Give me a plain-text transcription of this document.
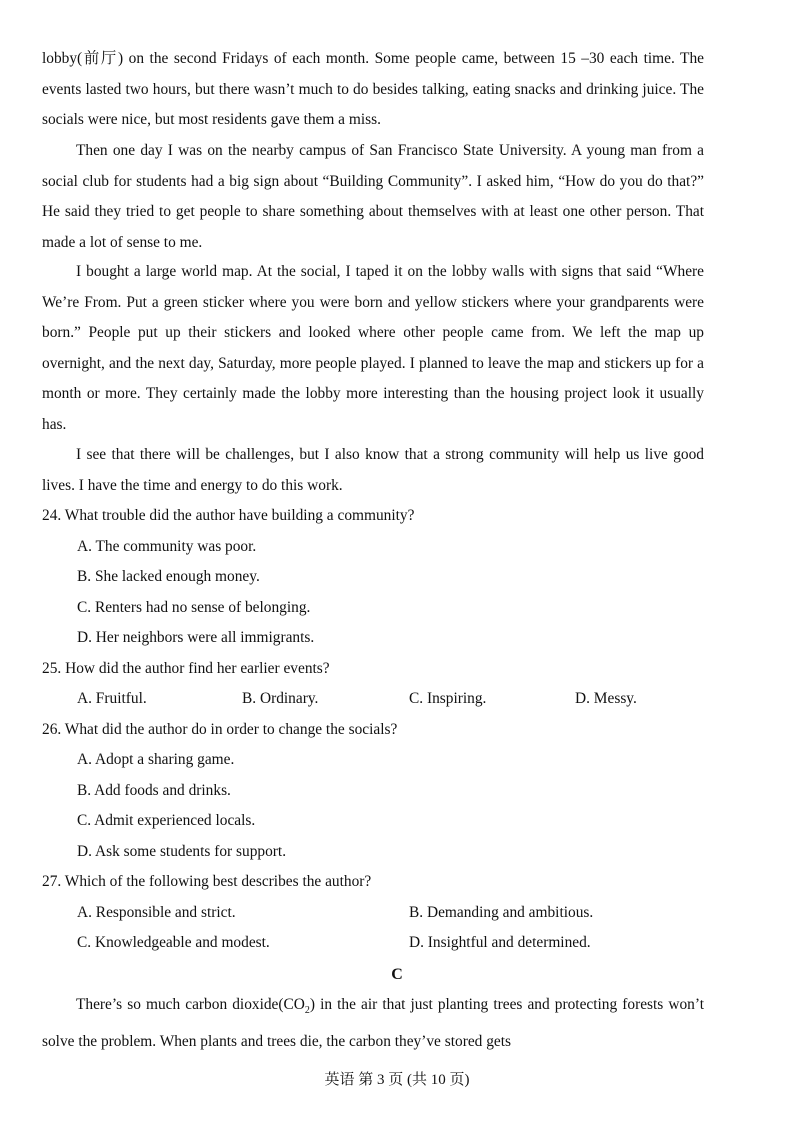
lobby(前厅) on the second Fridays of each month. Some people came, between 15 –30 each time. The events lasted two hours, but there wasn’t much to do besides talking, eating snacks and drinking juice. The socials were nice, but most residents gave them a miss.

Then one day I was on the nearby campus of San Francisco State University. A young man from a social club for students had a big sign about “Building Community”. I asked him, “How do you do that?” He said they tried to get people to share something about themselves with at least one other person. That made a lot of sense to me.

I bought a large world map. At the social, I taped it on the lobby walls with signs that said “Where We’re From. Put a green sticker where you were born and yellow stickers where your grandparents were born.” People put up their stickers and looked where other people came from. We left the map up overnight, and the next day, Saturday, more people played. I planned to leave the map and stickers up for a month or more. They certainly made the lobby more interesting than the housing project look it usually has.

I see that there will be challenges, but I also know that a strong community will help us live good lives. I have the time and energy to do this work.

24. What trouble did the author have building a community?

A. The community was poor.

B. She lacked enough money.

C. Renters had no sense of belonging.

D. Her neighbors were all immigrants.

25. How did the author find her earlier events?

A. Fruitful.	B. Ordinary.	C. Inspiring.	D. Messy.

26. What did the author do in order to change the socials?

A. Adopt a sharing game.

B. Add foods and drinks.

C. Admit experienced locals.

D. Ask some students for support.

27. Which of the following best describes the author?

A. Responsible and strict.	B. Demanding and ambitious.

C. Knowledgeable and modest.	D. Insightful and determined.

C

There’s so much carbon $dioxide(CO_2)$ in the air that just planting trees and protecting forests won’t solve the problem. When plants and trees die, the carbon they’ve stored gets

英语 第 3 页 (共 10 页)
